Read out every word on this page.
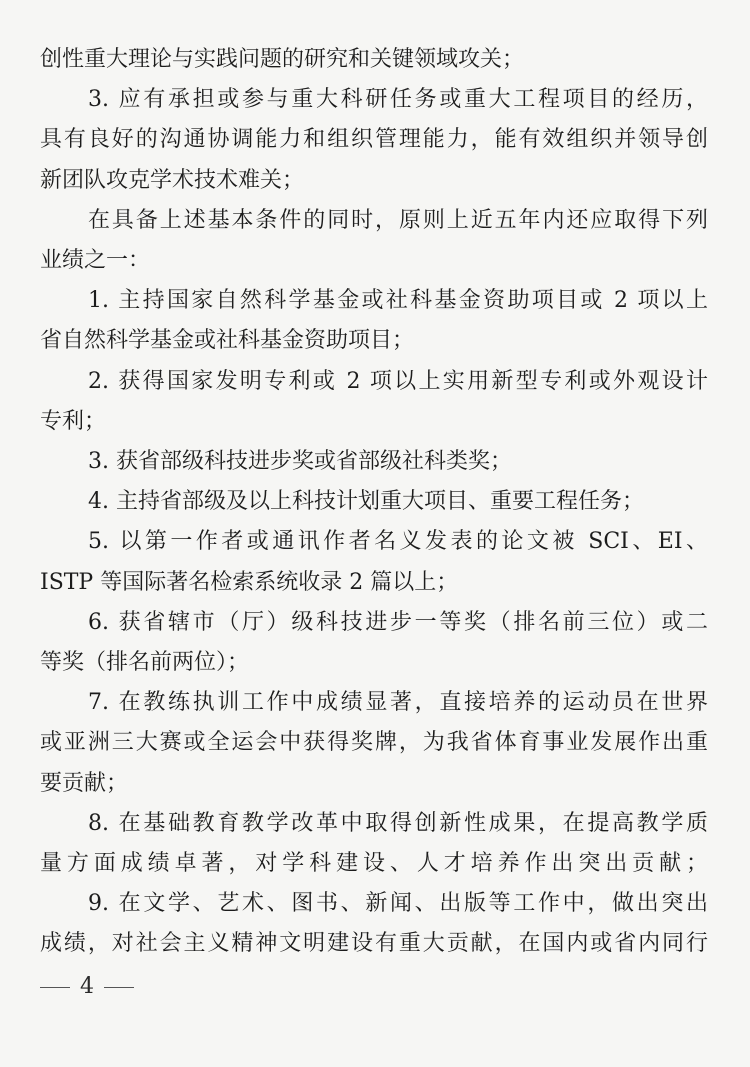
创性重大理论与实践问题的研究和关键领域攻关；
3. 应有承担或参与重大科研任务或重大工程项目的经历，
具有良好的沟通协调能力和组织管理能力，能有效组织并领导创
新团队攻克学术技术难关；
在具备上述基本条件的同时，原则上近五年内还应取得下列
业绩之一：
1. 主持国家自然科学基金或社科基金资助项目或 2 项以上
省自然科学基金或社科基金资助项目；
2. 获得国家发明专利或 2 项以上实用新型专利或外观设计
专利；
3. 获省部级科技进步奖或省部级社科类奖；
4. 主持省部级及以上科技计划重大项目、重要工程任务；
5. 以第一作者或通讯作者名义发表的论文被 SCI、EI、
ISTP 等国际著名检索系统收录 2 篇以上；
6. 获省辖市（厅）级科技进步一等奖（排名前三位）或二
等奖（排名前两位）；
7. 在教练执训工作中成绩显著，直接培养的运动员在世界
或亚洲三大赛或全运会中获得奖牌，为我省体育事业发展作出重
要贡献；
8. 在基础教育教学改革中取得创新性成果，在提高教学质
量方面成绩卓著，对学科建设、人才培养作出突出贡献；
9. 在文学、艺术、图书、新闻、出版等工作中，做出突出
成绩，对社会主义精神文明建设有重大贡献，在国内或省内同行
4
